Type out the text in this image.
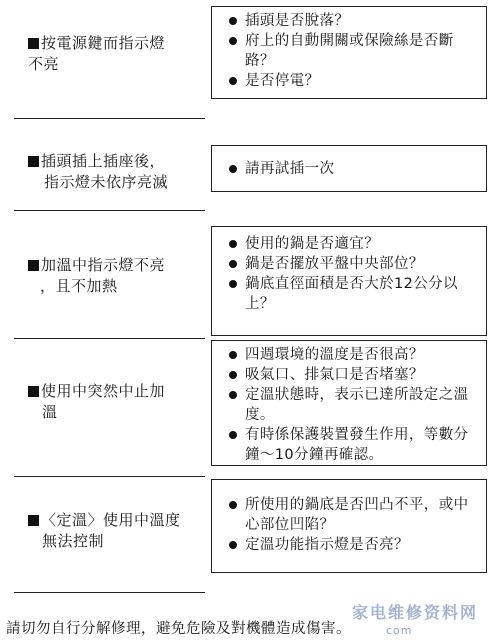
按電源鍵而指示燈
不亮
插頭是否脫落？
府上的自動開關或保險絲是否斷路？
是否停電？
插頭插上插座後，
指示燈未依序亮滅
請再試插一次
加溫中指示燈不亮
，且不加熱
使用的鍋是否適宜？
鍋是否擺放平盤中央部位？
鍋底直徑面積是否大於12公分以上？
使用中突然中止加
溫
四週環境的溫度是否很高？
吸氣口、排氣口是否堵塞？
定溫狀態時，表示已達所設定之溫度。
有時係保護裝置發生作用，等數分鐘～10分鐘再確認。
〈定溫〉使用中溫度
無法控制
所使用的鍋底是否凹凸不平，或中心部位凹陷？
定溫功能指示燈是否亮？
請切勿自行分解修理，避免危險及對機體造成傷害。
家电维修资料网
com
